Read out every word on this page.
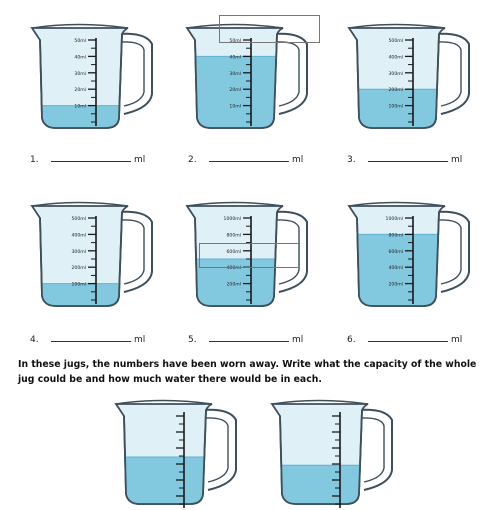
50ml
40ml
30ml
20ml
10ml
50ml
40ml
30ml
20ml
10ml
500ml
400ml
300ml
200ml
100ml
1.	ml	2.	ml	3.	ml
500ml
400ml
300ml
200ml
100ml
1000ml
800ml
600ml
400ml
200ml
1000ml
800ml
600ml
400ml
200ml
4.	ml	5.	ml	6.	ml
In these jugs, the numbers have been worn away. Write what the capacity of the whole jug could be and how much water there would be in each.
